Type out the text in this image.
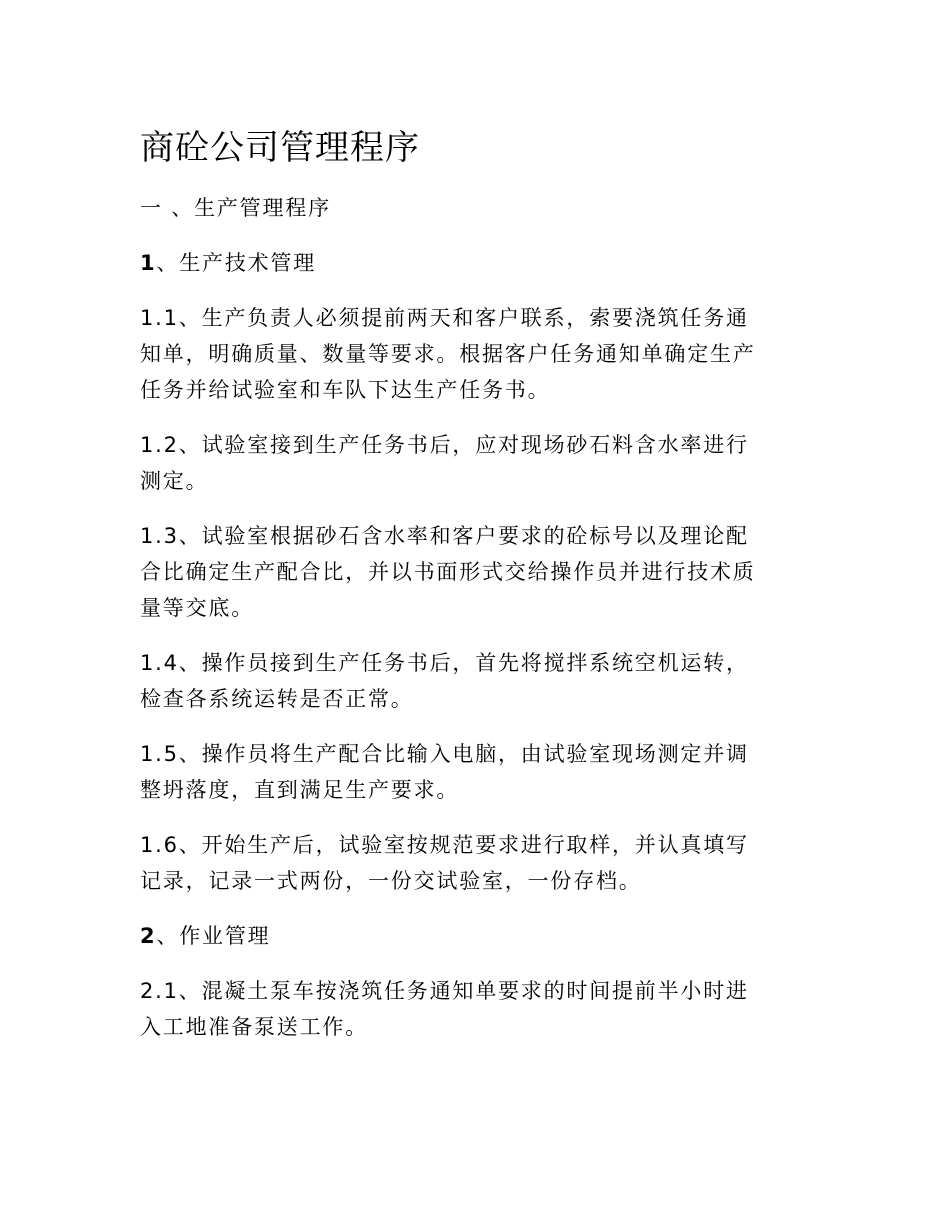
商砼公司管理程序
一 、生产管理程序
1、生产技术管理
1.1、生产负责人必须提前两天和客户联系，索要浇筑任务通
知单，明确质量、数量等要求。根据客户任务通知单确定生产
任务并给试验室和车队下达生产任务书。
1.2、试验室接到生产任务书后，应对现场砂石料含水率进行
测定。
1.3、试验室根据砂石含水率和客户要求的砼标号以及理论配
合比确定生产配合比，并以书面形式交给操作员并进行技术质
量等交底。
1.4、操作员接到生产任务书后，首先将搅拌系统空机运转，
检查各系统运转是否正常。
1.5、操作员将生产配合比输入电脑，由试验室现场测定并调
整坍落度，直到满足生产要求。
1.6、开始生产后，试验室按规范要求进行取样，并认真填写
记录，记录一式两份，一份交试验室，一份存档。
2、作业管理
2.1、混凝土泵车按浇筑任务通知单要求的时间提前半小时进
入工地准备泵送工作。
